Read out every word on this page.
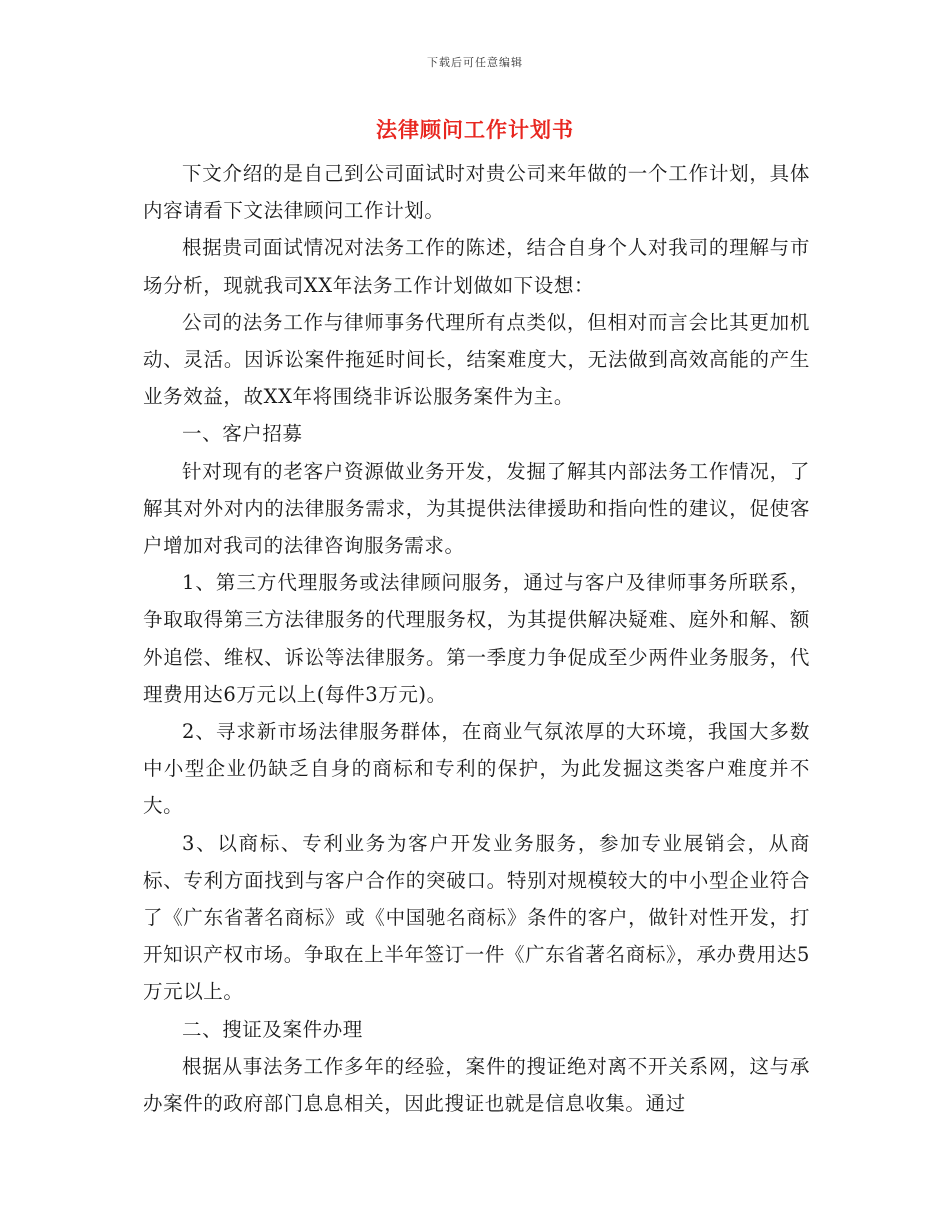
下载后可任意编辑
法律顾问工作计划书

下文介绍的是自己到公司面试时对贵公司来年做的一个工作计划，具体内容请看下文法律顾问工作计划。

根据贵司面试情况对法务工作的陈述，结合自身个人对我司的理解与市场分析，现就我司XX年法务工作计划做如下设想：

公司的法务工作与律师事务代理所有点类似，但相对而言会比其更加机动、灵活。因诉讼案件拖延时间长，结案难度大，无法做到高效高能的产生业务效益，故XX年将围绕非诉讼服务案件为主。

一、客户招募

针对现有的老客户资源做业务开发，发掘了解其内部法务工作情况，了解其对外对内的法律服务需求，为其提供法律援助和指向性的建议，促使客户增加对我司的法律咨询服务需求。

1、第三方代理服务或法律顾问服务，通过与客户及律师事务所联系，争取取得第三方法律服务的代理服务权，为其提供解决疑难、庭外和解、额外追偿、维权、诉讼等法律服务。第一季度力争促成至少两件业务服务，代理费用达6万元以上(每件3万元)。

2、寻求新市场法律服务群体，在商业气氛浓厚的大环境，我国大多数中小型企业仍缺乏自身的商标和专利的保护，为此发掘这类客户难度并不大。

3、以商标、专利业务为客户开发业务服务，参加专业展销会，从商标、专利方面找到与客户合作的突破口。特别对规模较大的中小型企业符合了《广东省著名商标》或《中国驰名商标》条件的客户，做针对性开发，打开知识产权市场。争取在上半年签订一件《广东省著名商标》，承办费用达5万元以上。

二、搜证及案件办理

根据从事法务工作多年的经验，案件的搜证绝对离不开关系网，这与承办案件的政府部门息息相关，因此搜证也就是信息收集。通过
